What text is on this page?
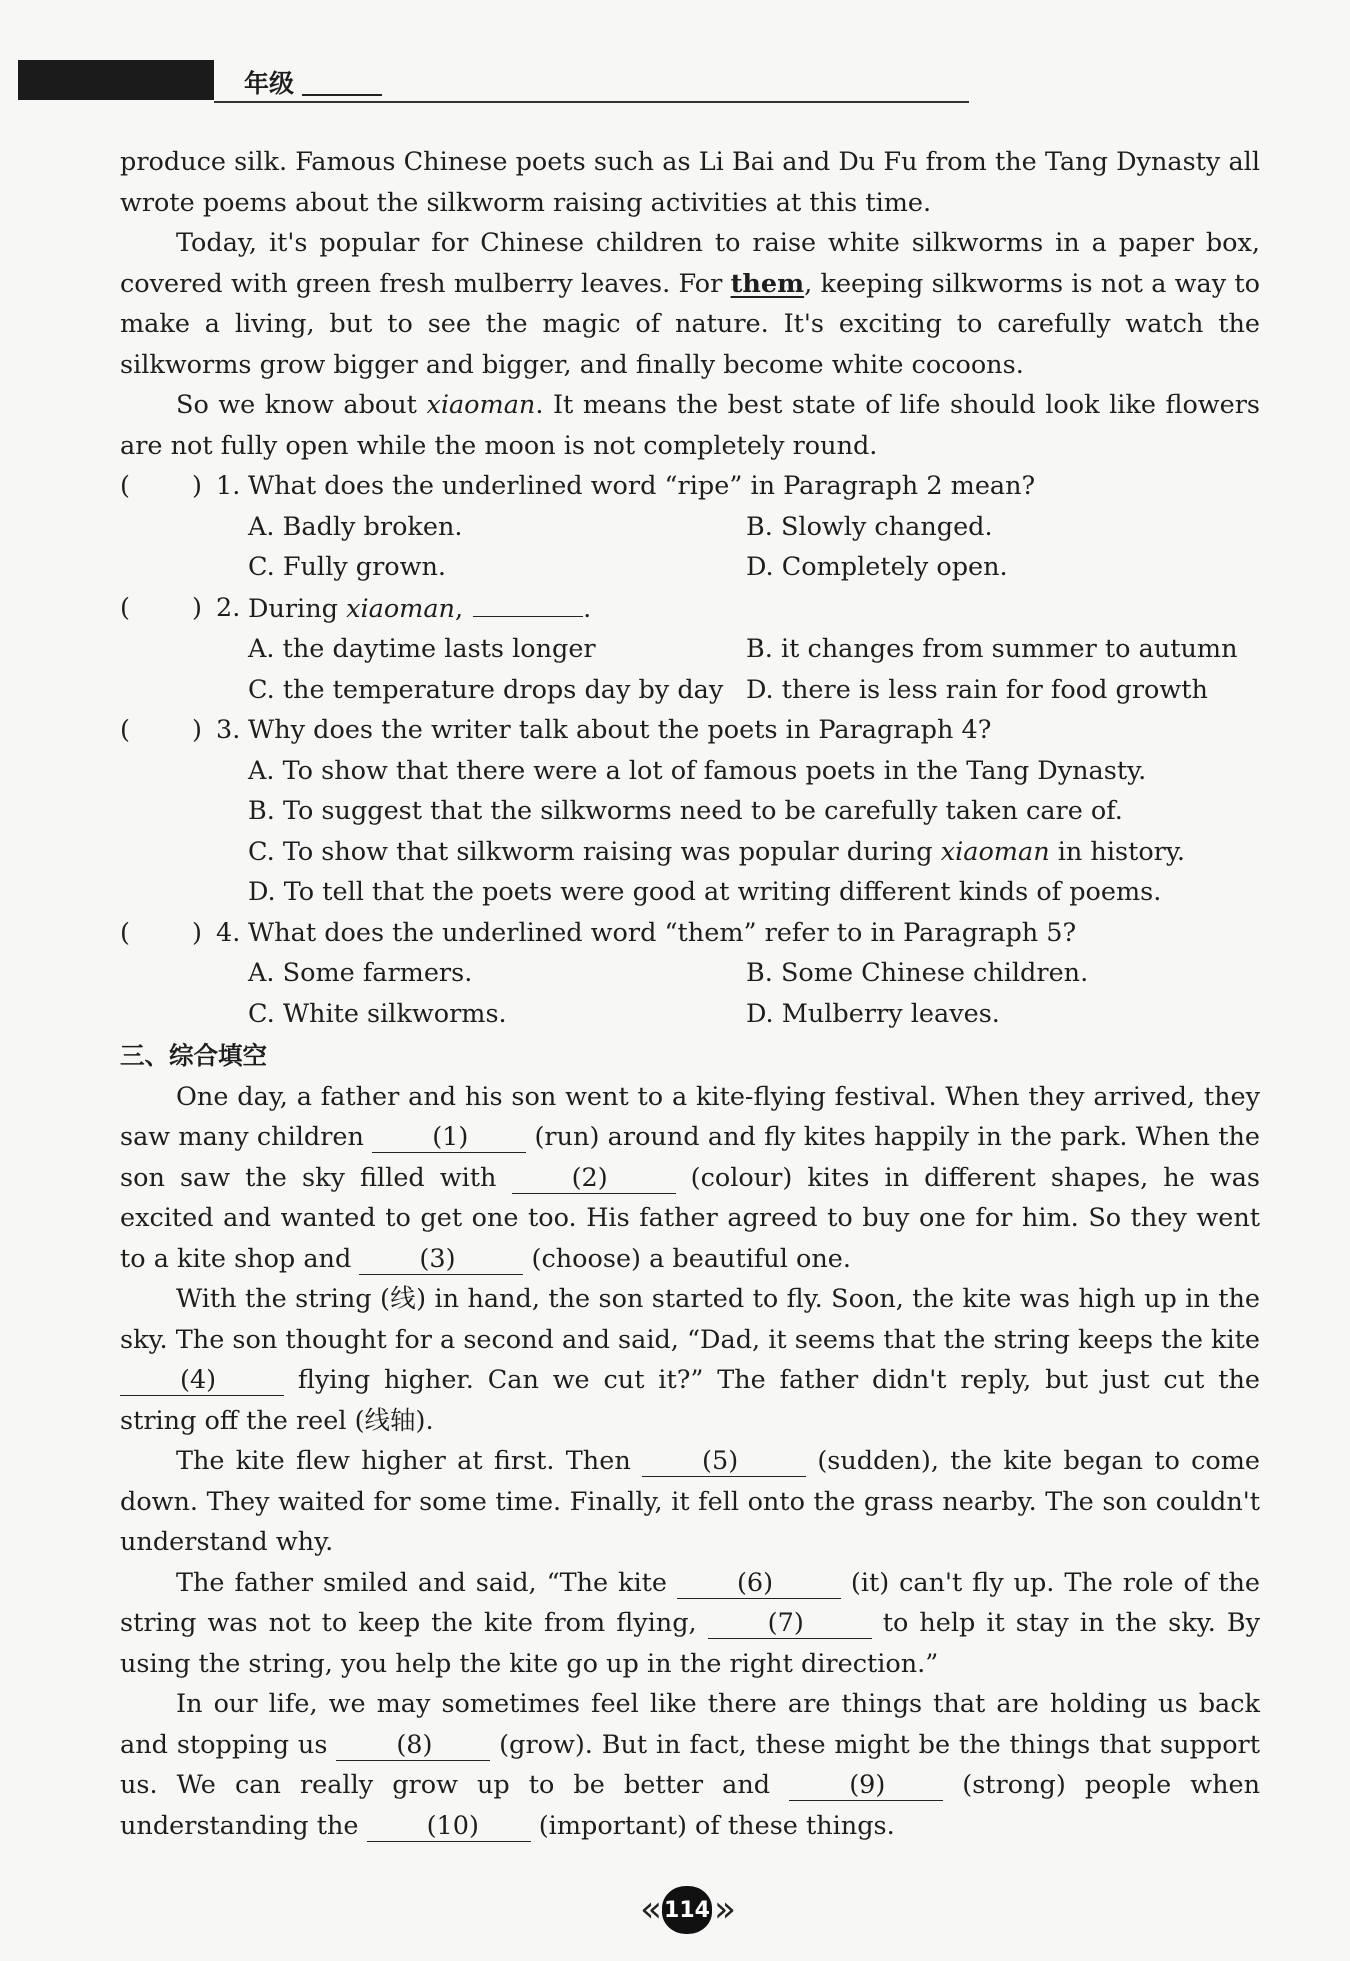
年级

produce silk. Famous Chinese poets such as Li Bai and Du Fu from the Tang Dynasty all wrote poems about the silkworm raising activities at this time.

Today, it's popular for Chinese children to raise white silkworms in a paper box, covered with green fresh mulberry leaves. For them, keeping silkworms is not a way to make a living, but to see the magic of nature. It's exciting to carefully watch the silkworms grow bigger and bigger, and finally become white cocoons.

So we know about xiaoman. It means the best state of life should look like flowers are not fully open while the moon is not completely round.

( ) 1. What does the underlined word “ripe” in Paragraph 2 mean?
A. Badly broken.	B. Slowly changed.
C. Fully grown.	D. Completely open.
( ) 2. During xiaoman,	.
A. the daytime lasts longer	B. it changes from summer to autumn
C. the temperature drops day by day D. there is less rain for food growth
( ) 3. Why does the writer talk about the poets in Paragraph 4?
A. To show that there were a lot of famous poets in the Tang Dynasty.
B. To suggest that the silkworms need to be carefully taken care of.
C. To show that silkworm raising was popular during xiaoman in history.
D. To tell that the poets were good at writing different kinds of poems.
( ) 4. What does the underlined word “them” refer to in Paragraph 5?
A. Some farmers.	B. Some Chinese children.
C. White silkworms.	D. Mulberry leaves.
三、综合填空

One day, a father and his son went to a kite-flying festival. When they arrived, they saw many children (1) (run) around and fly kites happily in the park. When the son saw the sky filled with (2)	(colour) kites in different shapes, he was excited and wanted to get one too. His father agreed to buy one for him. So they went to a kite shop and (3)	(choose) a beautiful one.

With the string (线) in hand, the son started to fly. Soon, the kite was high up in the sky. The son thought for a second and said, “Dad, it seems that the string keeps the kite (4)	flying higher. Can we cut it?” The father didn't reply, but just cut the string off the reel (线轴).

The kite flew higher at first. Then (5)	(sudden), the kite began to come down. They waited for some time. Finally, it fell onto the grass nearby. The son couldn't understand why.

The father smiled and said, “The kite (6)	(it) can't fly up. The role of the string was not to keep the kite from flying, (7)	to help it stay in the sky. By using the string, you help the kite go up in the right direction.”

In our life, we may sometimes feel like there are things that are holding us back and stopping us (8) (grow). But in fact, these might be the things that support us. We can really grow up to be better and (9) (strong) people when understanding the (10) (important) of these things.

« 114 »
